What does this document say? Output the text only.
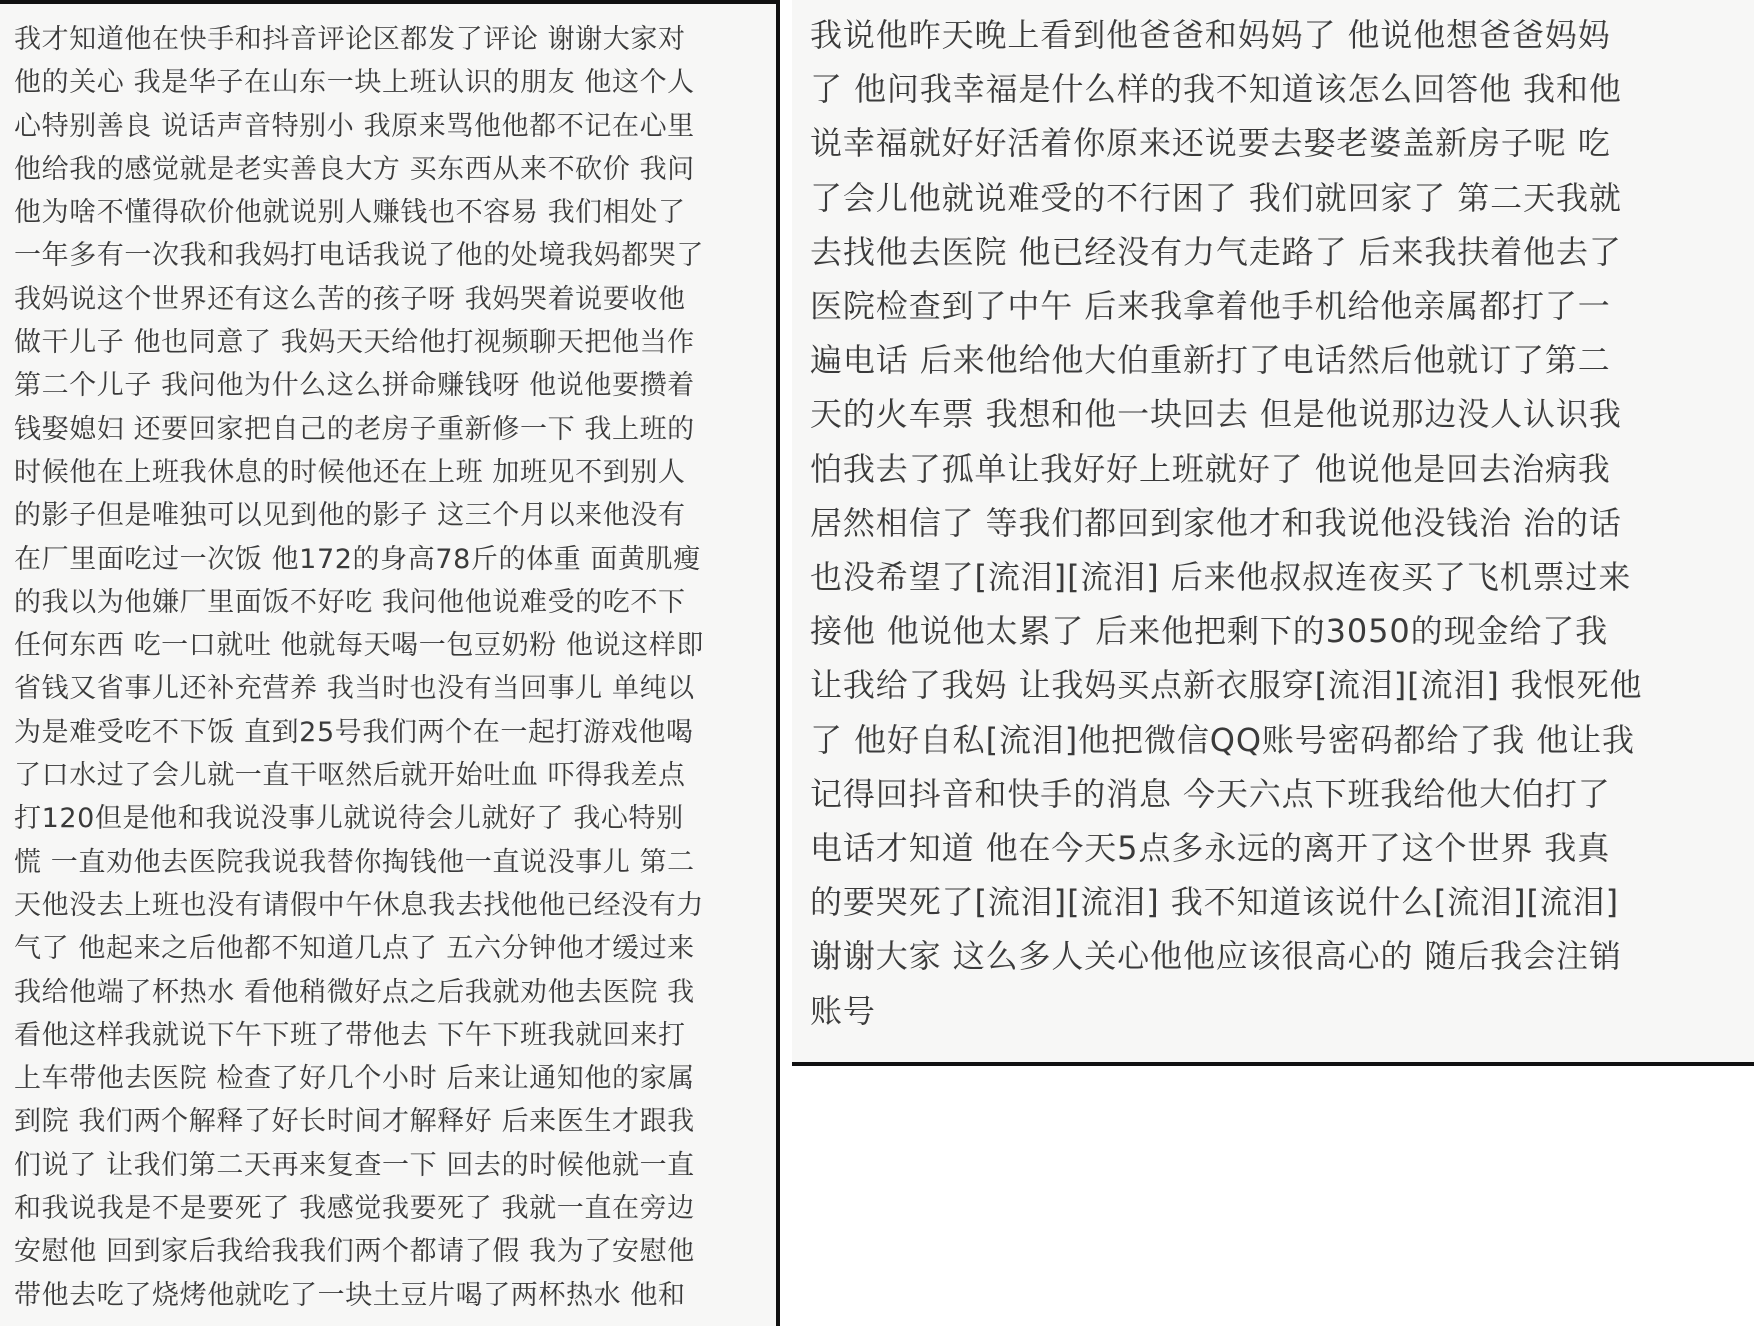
我才知道他在快手和抖音评论区都发了评论 谢谢大家对
他的关心 我是华子在山东一块上班认识的朋友 他这个人
心特别善良 说话声音特别小 我原来骂他他都不记在心里
他给我的感觉就是老实善良大方 买东西从来不砍价 我问
他为啥不懂得砍价他就说别人赚钱也不容易 我们相处了
一年多有一次我和我妈打电话我说了他的处境我妈都哭了
我妈说这个世界还有这么苦的孩子呀 我妈哭着说要收他
做干儿子 他也同意了 我妈天天给他打视频聊天把他当作
第二个儿子 我问他为什么这么拼命赚钱呀 他说他要攒着
钱娶媳妇 还要回家把自己的老房子重新修一下 我上班的
时候他在上班我休息的时候他还在上班 加班见不到别人
的影子但是唯独可以见到他的影子 这三个月以来他没有
在厂里面吃过一次饭 他172的身高78斤的体重 面黄肌瘦
的我以为他嫌厂里面饭不好吃 我问他他说难受的吃不下
任何东西 吃一口就吐 他就每天喝一包豆奶粉 他说这样即
省钱又省事儿还补充营养 我当时也没有当回事儿 单纯以
为是难受吃不下饭 直到25号我们两个在一起打游戏他喝
了口水过了会儿就一直干呕然后就开始吐血 吓得我差点
打120但是他和我说没事儿就说待会儿就好了 我心特别
慌 一直劝他去医院我说我替你掏钱他一直说没事儿 第二
天他没去上班也没有请假中午休息我去找他他已经没有力
气了 他起来之后他都不知道几点了 五六分钟他才缓过来
我给他端了杯热水 看他稍微好点之后我就劝他去医院 我
看他这样我就说下午下班了带他去 下午下班我就回来打
上车带他去医院 检查了好几个小时 后来让通知他的家属
到院 我们两个解释了好长时间才解释好 后来医生才跟我
们说了 让我们第二天再来复查一下 回去的时候他就一直
和我说我是不是要死了 我感觉我要死了 我就一直在旁边
安慰他 回到家后我给我我们两个都请了假 我为了安慰他
带他去吃了烧烤他就吃了一块土豆片喝了两杯热水 他和
我说他昨天晚上看到他爸爸和妈妈了 他说他想爸爸妈妈
了 他问我幸福是什么样的我不知道该怎么回答他 我和他
说幸福就好好活着你原来还说要去娶老婆盖新房子呢 吃
了会儿他就说难受的不行困了 我们就回家了 第二天我就
去找他去医院 他已经没有力气走路了 后来我扶着他去了
医院检查到了中午 后来我拿着他手机给他亲属都打了一
遍电话 后来他给他大伯重新打了电话然后他就订了第二
天的火车票 我想和他一块回去 但是他说那边没人认识我
怕我去了孤单让我好好上班就好了 他说他是回去治病我
居然相信了 等我们都回到家他才和我说他没钱治 治的话
也没希望了[流泪][流泪] 后来他叔叔连夜买了飞机票过来
接他 他说他太累了 后来他把剩下的3050的现金给了我
让我给了我妈 让我妈买点新衣服穿[流泪][流泪] 我恨死他
了 他好自私[流泪]他把微信QQ账号密码都给了我 他让我
记得回抖音和快手的消息 今天六点下班我给他大伯打了
电话才知道 他在今天5点多永远的离开了这个世界 我真
的要哭死了[流泪][流泪] 我不知道该说什么[流泪][流泪]
谢谢大家 这么多人关心他他应该很高心的 随后我会注销
账号
